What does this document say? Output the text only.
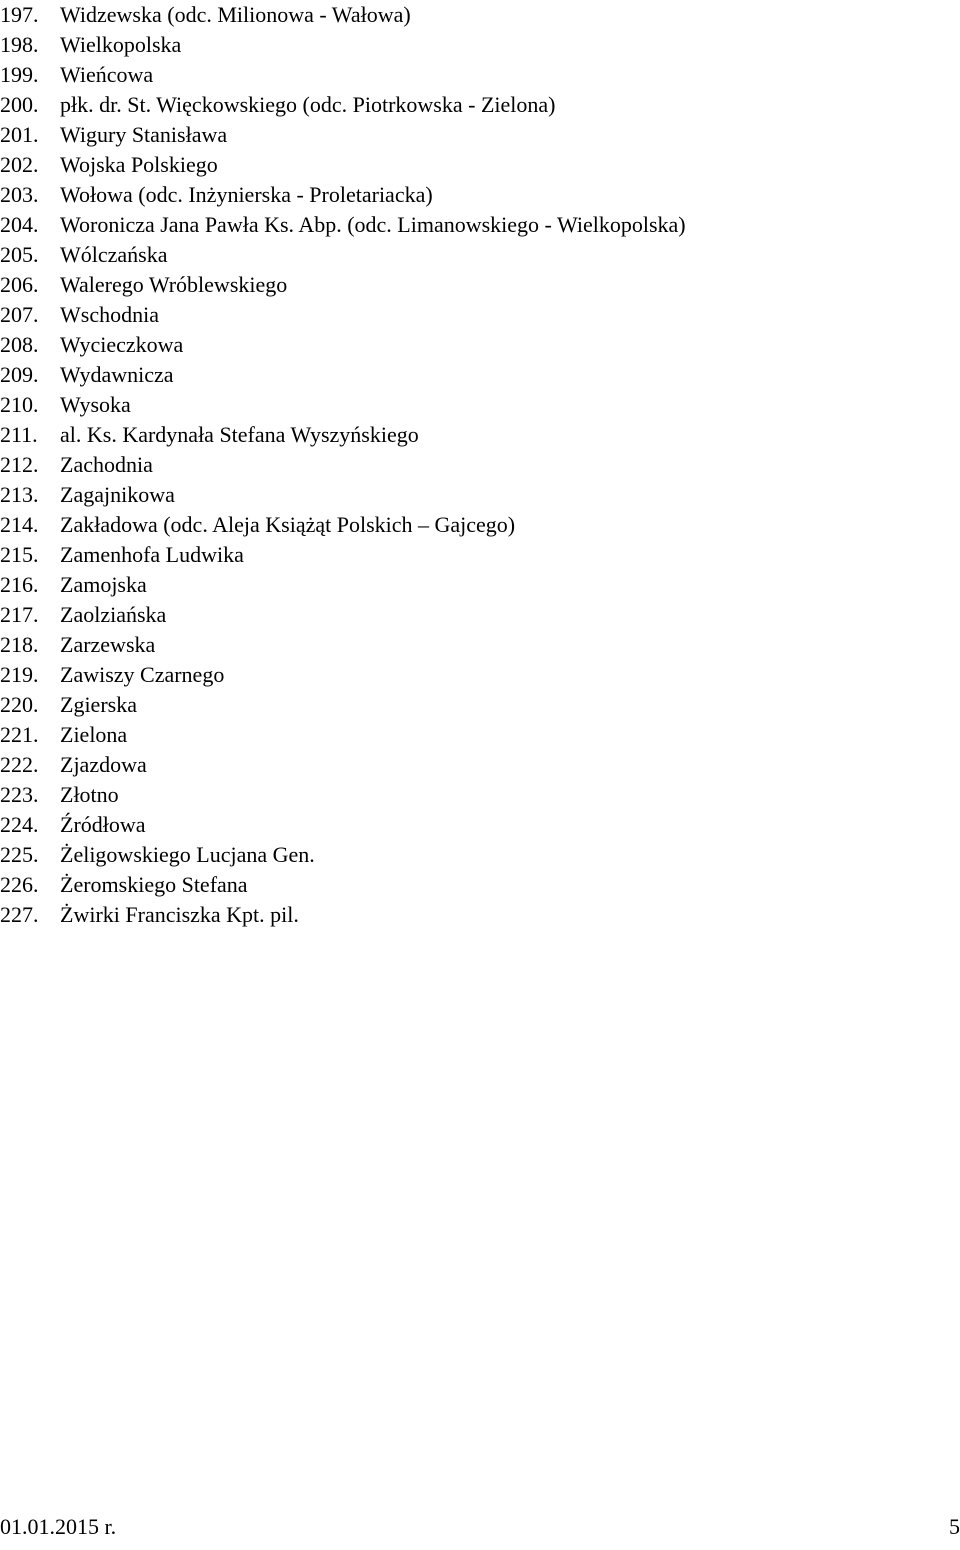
197. Widzewska (odc. Milionowa - Wałowa)
198. Wielkopolska
199. Wieńcowa
200. płk. dr. St. Więckowskiego (odc. Piotrkowska - Zielona)
201. Wigury Stanisława
202. Wojska Polskiego
203. Wołowa (odc. Inżynierska - Proletariacka)
204. Woronicza Jana Pawła Ks. Abp. (odc. Limanowskiego - Wielkopolska)
205. Wólczańska
206. Walerego Wróblewskiego
207. Wschodnia
208. Wycieczkowa
209. Wydawnicza
210. Wysoka
211.	al. Ks. Kardynała Stefana Wyszyńskiego
212. Zachodnia
213. Zagajnikowa
214. Zakładowa (odc. Aleja Książąt Polskich – Gajcego)
215. Zamenhofa Ludwika
216. Zamojska
217. Zaolziańska
218. Zarzewska
219. Zawiszy Czarnego
220. Zgierska
221. Zielona
222. Zjazdowa
223. Złotno
224. Źródłowa
225. Żeligowskiego Lucjana Gen.
226. Żeromskiego Stefana
227. Żwirki Franciszka Kpt. pil.
01.01.2015 r.	5
